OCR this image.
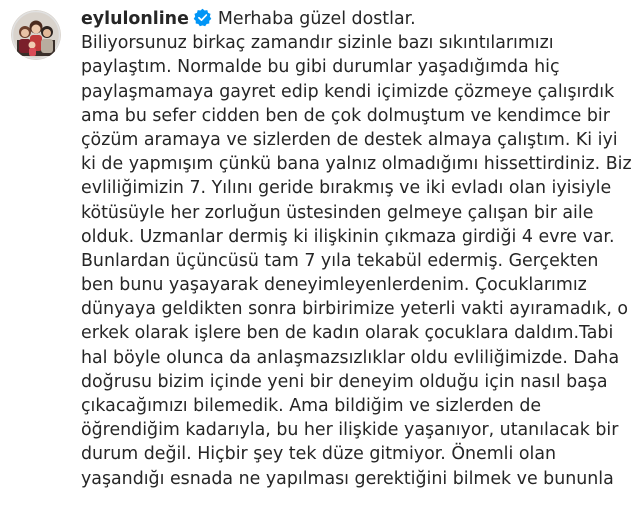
eylulonline Merhaba güzel dostlar.
Biliyorsunuz birkaç zamandır sizinle bazı sıkıntılarımızı
paylaştım. Normalde bu gibi durumlar yaşadığımda hiç
paylaşmamaya gayret edip kendi içimizde çözmeye çalışırdık
ama bu sefer cidden ben de çok dolmuştum ve kendimce bir
çözüm aramaya ve sizlerden de destek almaya çalıştım. Ki iyi
ki de yapmışım çünkü bana yalnız olmadığımı hissettirdiniz. Biz
evliliğimizin 7. Yılını geride bırakmış ve iki evladı olan iyisiyle
kötüsüyle her zorluğun üstesinden gelmeye çalışan bir aile
olduk. Uzmanlar dermiş ki ilişkinin çıkmaza girdiği 4 evre var.
Bunlardan üçüncüsü tam 7 yıla tekabül edermiş. Gerçekten
ben bunu yaşayarak deneyimleyenlerdenim. Çocuklarımız
dünyaya geldikten sonra birbirimize yeterli vakti ayıramadık, o
erkek olarak işlere ben de kadın olarak çocuklara daldım.Tabi
hal böyle olunca da anlaşmazsızlıklar oldu evliliğimizde. Daha
doğrusu bizim içinde yeni bir deneyim olduğu için nasıl başa
çıkacağımızı bilemedik. Ama bildiğim ve sizlerden de
öğrendiğim kadarıyla, bu her ilişkide yaşanıyor, utanılacak bir
durum değil. Hiçbir şey tek düze gitmiyor. Önemli olan
yaşandığı esnada ne yapılması gerektiğini bilmek ve bununla
